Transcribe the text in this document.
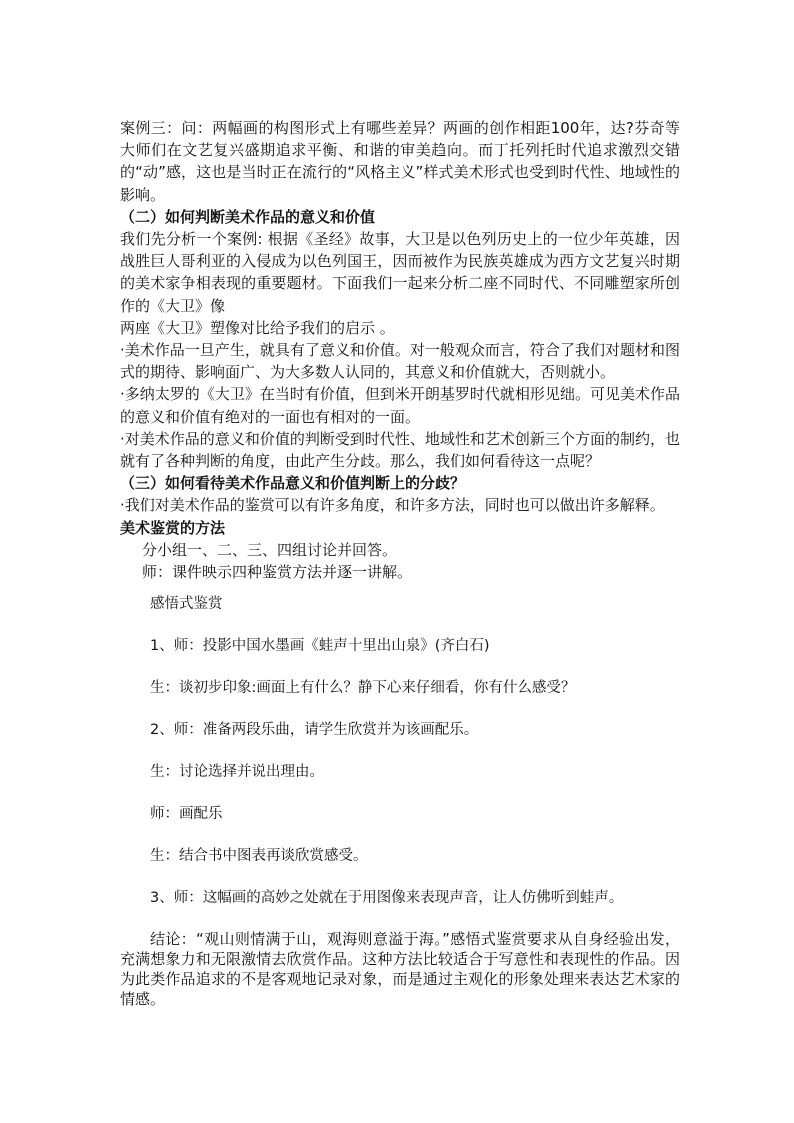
案例三：问：两幅画的构图形式上有哪些差异？两画的创作相距100年，达?芬奇等大师们在文艺复兴盛期追求平衡、和谐的审美趋向。而丁托列托时代追求激烈交错的“动”感，这也是当时正在流行的“风格主义”样式美术形式也受到时代性、地域性的影响。

（二）如何判断美术作品的意义和价值

我们先分析一个案例: 根据《圣经》故事，大卫是以色列历史上的一位少年英雄，因战胜巨人哥利亚的入侵成为以色列国王，因而被作为民族英雄成为西方文艺复兴时期的美术家争相表现的重要题材。下面我们一起来分析二座不同时代、不同雕塑家所创作的《大卫》像

两座《大卫》塑像对比给予我们的启示 。

·美术作品一旦产生，就具有了意义和价值。对一般观众而言，符合了我们对题材和图式的期待、影响面广、为大多数人认同的，其意义和价值就大，否则就小。

·多纳太罗的《大卫》在当时有价值，但到米开朗基罗时代就相形见绌。可见美术作品的意义和价值有绝对的一面也有相对的一面。

·对美术作品的意义和价值的判断受到时代性、地域性和艺术创新三个方面的制约，也就有了各种判断的角度，由此产生分歧。那么，我们如何看待这一点呢？

（三）如何看待美术作品意义和价值判断上的分歧？

·我们对美术作品的鉴赏可以有许多角度，和许多方法，同时也可以做出许多解释。

美术鉴赏的方法

分小组一、二、三、四组讨论并回答。

师：课件映示四种鉴赏方法并逐一讲解。

感悟式鉴赏

1、师：投影中国水墨画《蛙声十里出山泉》(齐白石)

生：谈初步印象:画面上有什么？静下心来仔细看，你有什么感受？

2、师：准备两段乐曲，请学生欣赏并为该画配乐。

生：讨论选择并说出理由。

师：画配乐

生：结合书中图表再谈欣赏感受。

3、师：这幅画的高妙之处就在于用图像来表现声音，让人仿佛听到蛙声。

结论：“观山则情满于山，观海则意溢于海。”感悟式鉴赏要求从自身经验出发，充满想象力和无限激情去欣赏作品。这种方法比较适合于写意性和表现性的作品。因为此类作品追求的不是客观地记录对象，而是通过主观化的形象处理来表达艺术家的情感。
